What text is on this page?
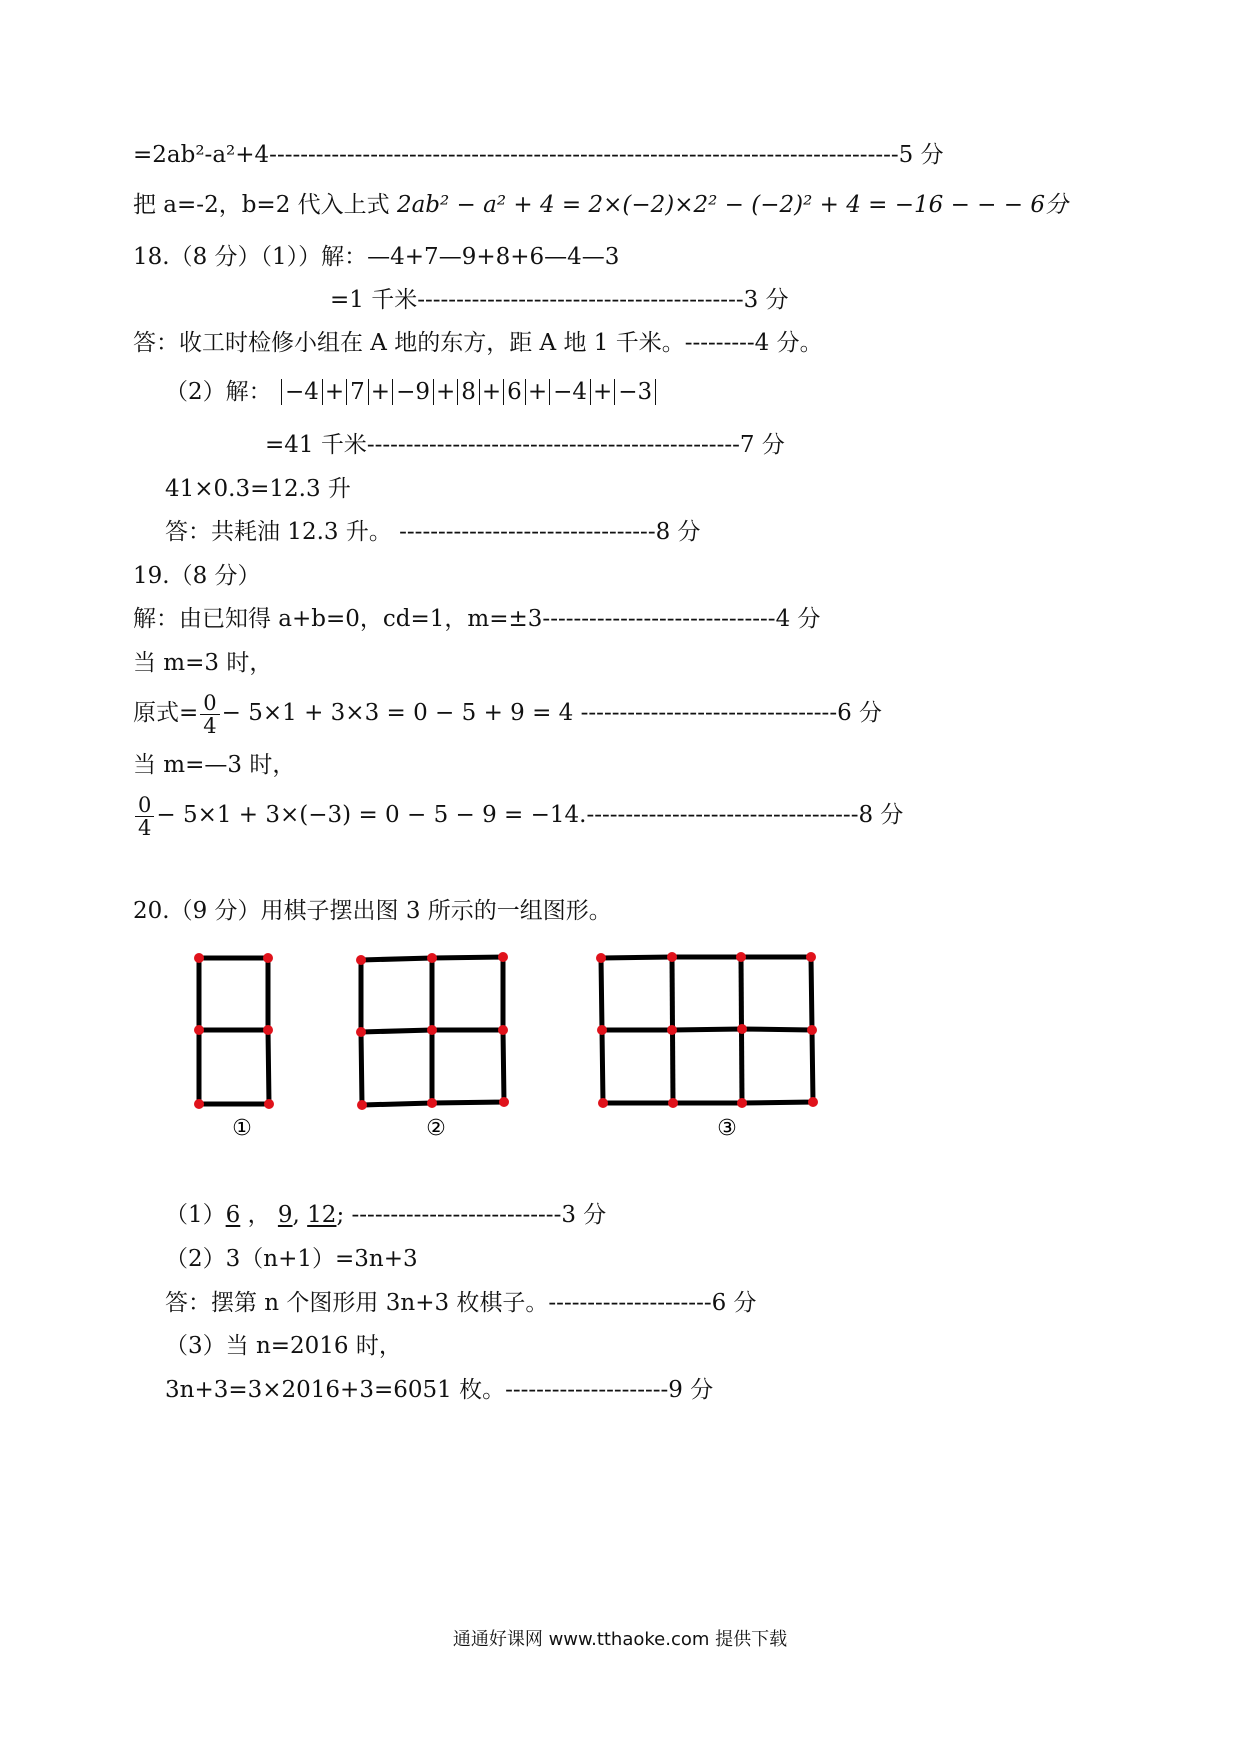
=2ab²-a²+4---------------------------------------------------------------------------------5 分
把 a=-2，b=2 代入上式 2ab² − a² + 4 = 2×(−2)×2² − (−2)² + 4 = −16 − − − 6分
18.（8 分）（1））解：—4+7—9+8+6—4—3
=1 千米------------------------------------------3 分
答：收工时检修小组在 A 地的东方，距 A 地 1 千米。---------4 分。
（2）解： −4 + 7 + −9 + 8 + 6 + −4 + −3
=41 千米------------------------------------------------7 分
41×0.3=12.3 升
答：共耗油 12.3 升。 ---------------------------------8 分
19.（8 分）
解：由已知得 a+b=0，cd=1，m=±3------------------------------4 分
当 m=3 时，
原式= $\frac{0}{4} - 5\times 1 + 3\times 3 = 0 - 5 + 9 = 4$ ---------------------------------6 分
当 m=—3 时，
$\frac{0}{4} - 5\times 1 + 3\times(-3) = 0 - 5 - 9 = -14.-----------------------------------8$ 分
20.（9 分）用棋子摆出图 3 所示的一组图形。
①	②	③
（1）6 ， 9, 12; ---------------------------3 分
（2）3（n+1）=3n+3
答：摆第 n 个图形用 3n+3 枚棋子。---------------------6 分
（3）当 n=2016 时，
3n+3=3×2016+3=6051 枚。---------------------9 分
通通好课网 www.tthaoke.com 提供下载
